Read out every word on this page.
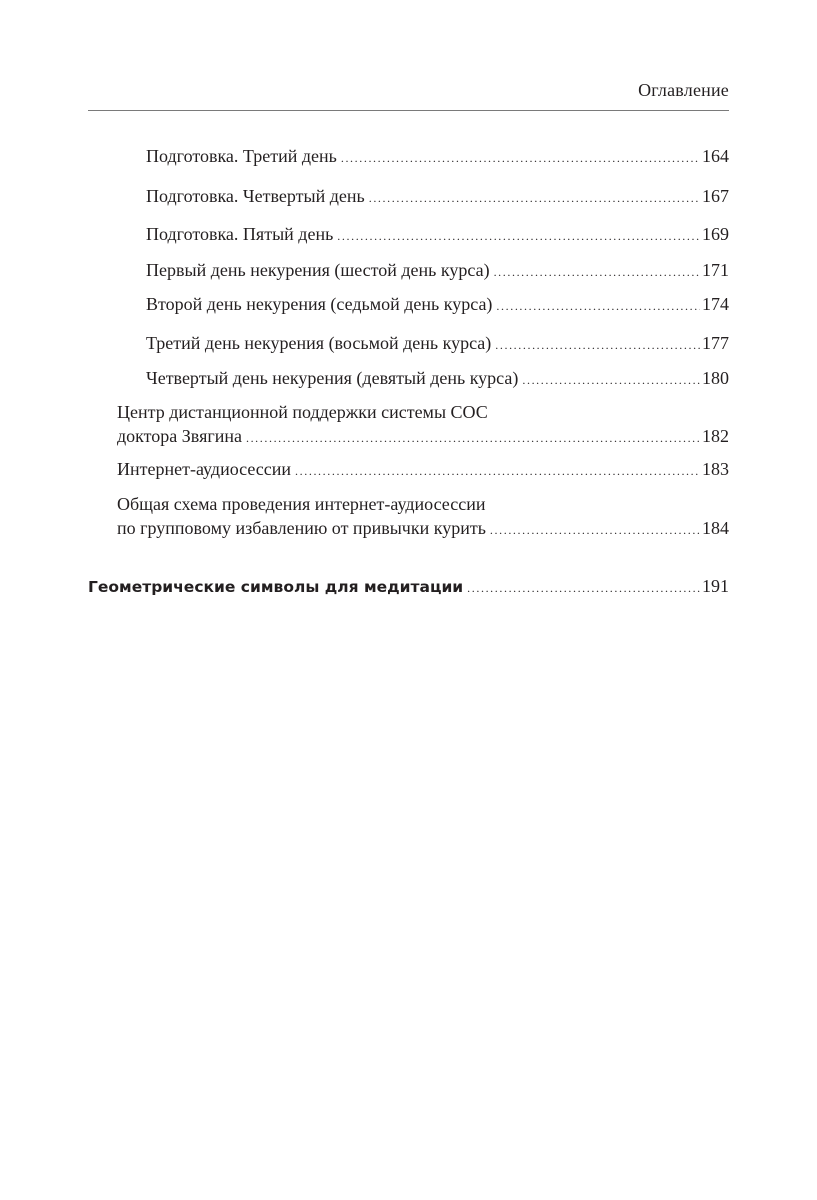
Оглавление
Подготовка. Третий день .....	164
Подготовка. Четвертый день .....	167
Подготовка. Пятый день .....	169
Первый день некурения (шестой день курса) .....	171
Второй день некурения (седьмой день курса) .....	174
Третий день некурения (восьмой день курса) .....	177
Четвертый день некурения (девятый день курса) .....	180
Центр дистанционной поддержки системы СОС
доктора Звягина .....	182
Интернет-аудиосессии .....	183
Общая схема проведения интернет-аудиосессии
по групповому избавлению от привычки курить .....	184
Геометрические символы для медитации .....	191
